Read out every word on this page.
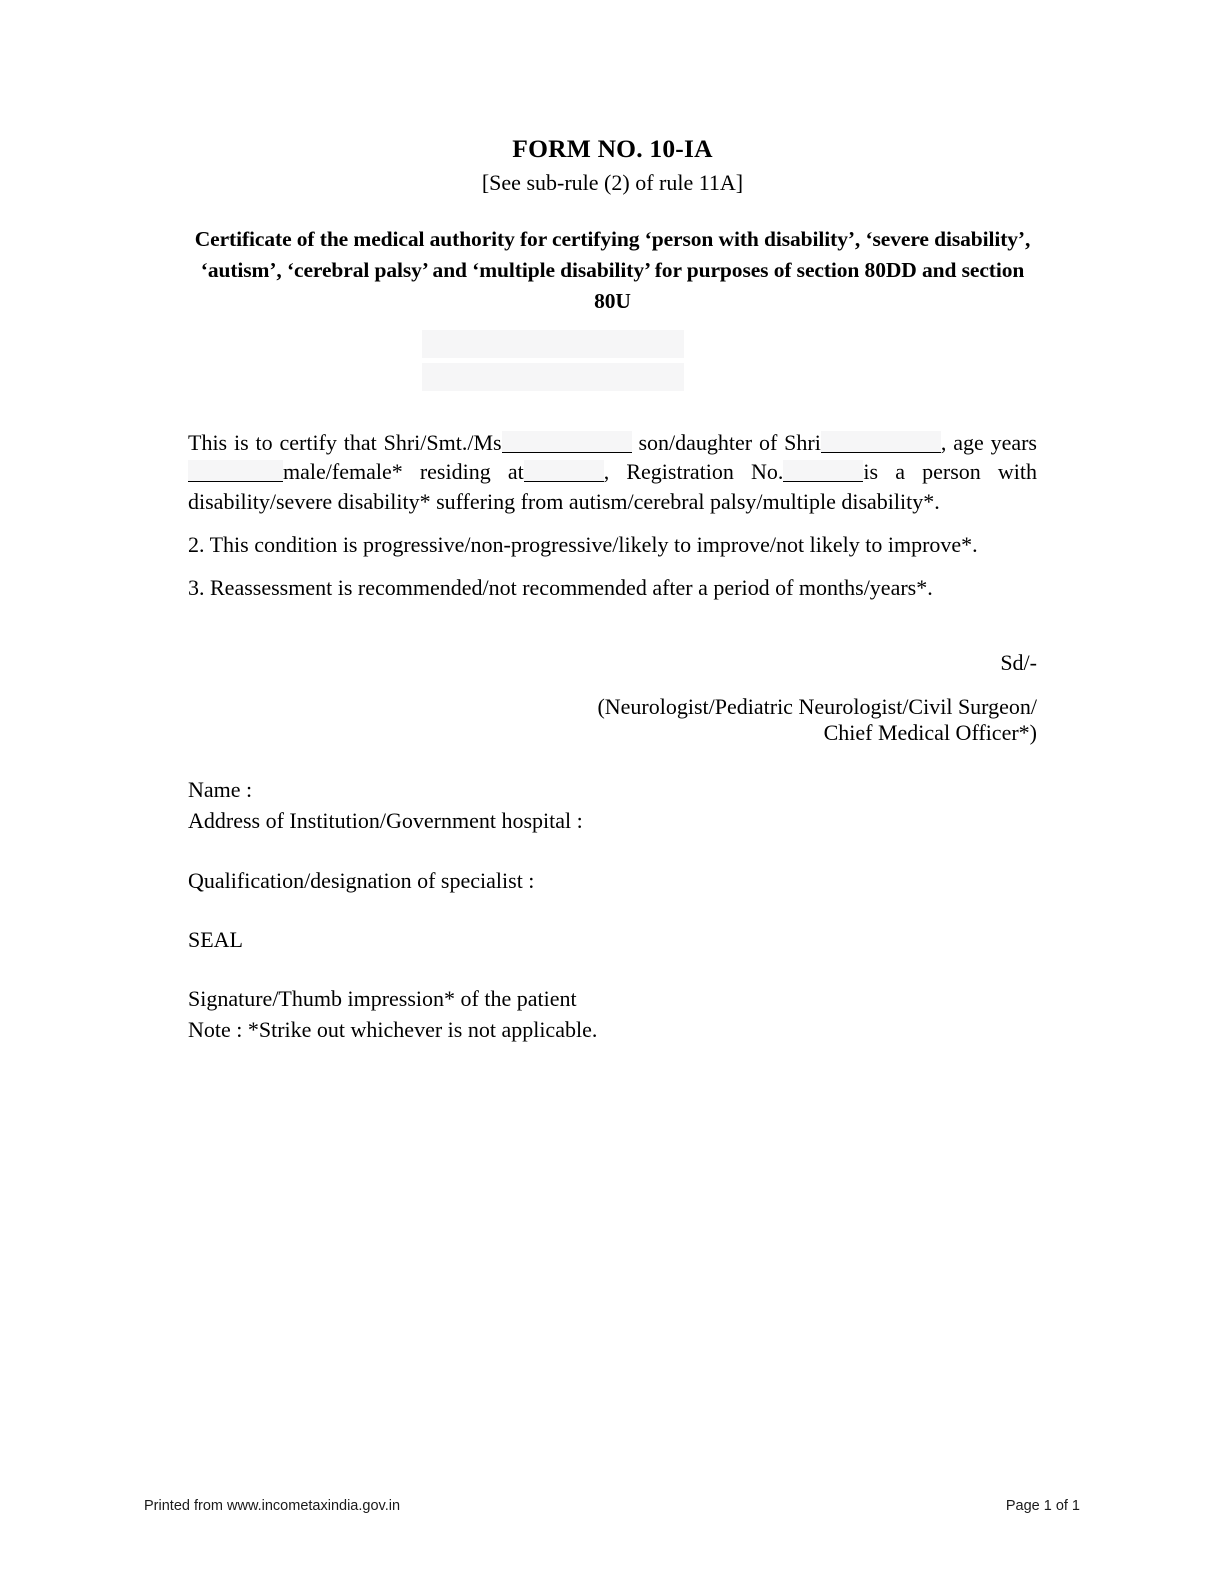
FORM NO. 10-IA
[See sub-rule (2) of rule 11A]
Certificate of the medical authority for certifying ‘person with disability’, ‘severe disability’, ‘autism’, ‘cerebral palsy’ and ‘multiple disability’ for purposes of section 80DD and section 80U

This is to certify that Shri/Smt./Ms	son/daughter of Shri	, age yearsmale/female* residing at	, Registration No.	is a person with disability/severe disability* suffering from autism/cerebral palsy/multiple disability*.

2. This condition is progressive/non-progressive/likely to improve/not likely to improve*.

3. Reassessment is recommended/not recommended after a period of months/years*.

Sd/-
(Neurologist/Pediatric Neurologist/Civil Surgeon/
Chief Medical Officer*)
Name :
Address of Institution/Government hospital :
Qualification/designation of specialist :
SEAL
Signature/Thumb impression* of the patient
Note : *Strike out whichever is not applicable.
Printed from www.incometaxindia.gov.in	Page 1 of 1
